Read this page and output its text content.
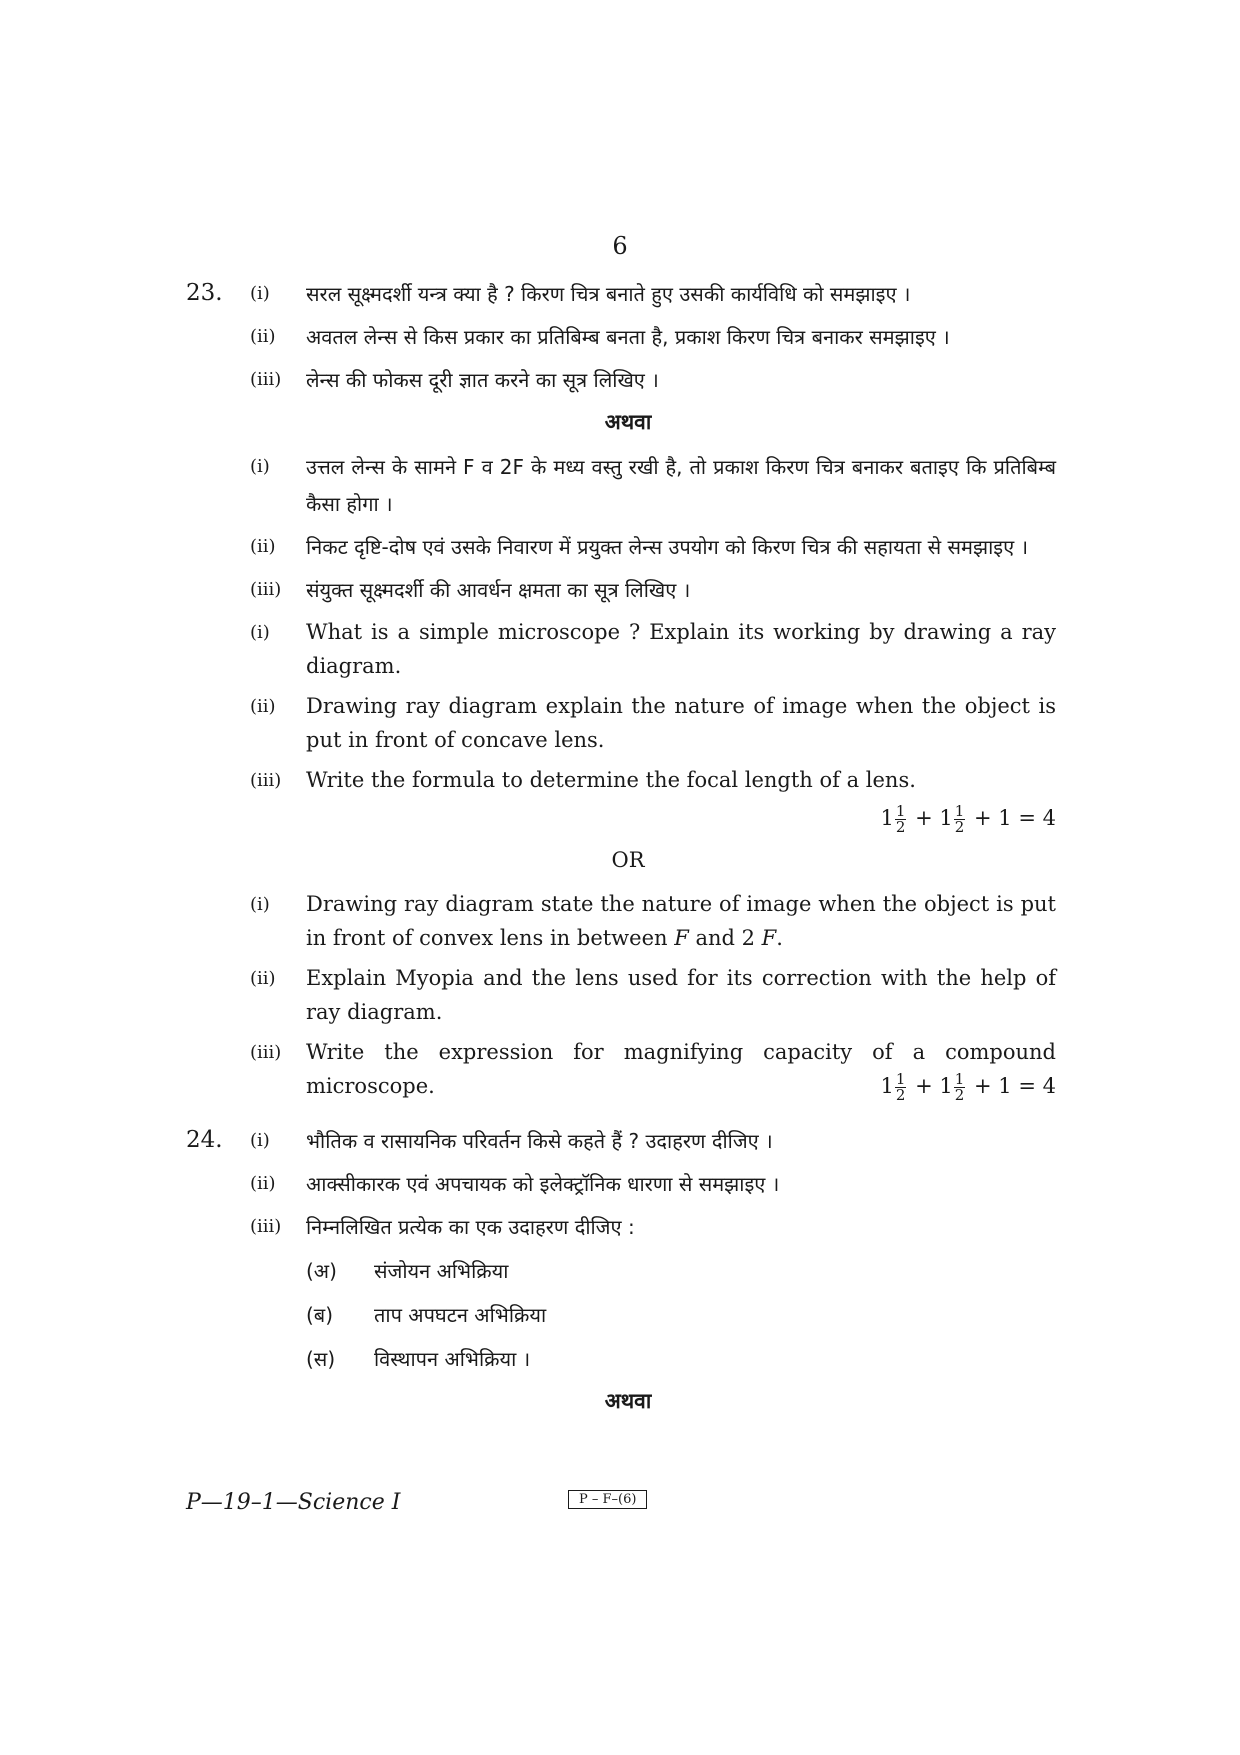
6
23.	(i)	सरल सूक्ष्मदर्शी यन्त्र क्या है ? किरण चित्र बनाते हुए उसकी कार्यविधि को समझाइए ।
(ii)	अवतल लेन्स से किस प्रकार का प्रतिबिम्ब बनता है, प्रकाश किरण चित्र बनाकर समझाइए ।
(iii)	लेन्स की फोकस दूरी ज्ञात करने का सूत्र लिखिए ।
अथवा
(i)	उत्तल लेन्स के सामने F व 2F के मध्य वस्तु रखी है, तो प्रकाश किरण चित्र बनाकर बताइए कि प्रतिबिम्ब कैसा होगा ।
(ii)	निकट दृष्टि-दोष एवं उसके निवारण में प्रयुक्त लेन्स उपयोग को किरण चित्र की सहायता से समझाइए ।
(iii)	संयुक्त सूक्ष्मदर्शी की आवर्धन क्षमता का सूत्र लिखिए ।
(i)	What is a simple microscope ? Explain its working by drawing a ray diagram.
(ii)	Drawing ray diagram explain the nature of image when the object is put in front of concave lens.
(iii)	Write the formula to determine the focal length of a lens.
$1 \frac{1}{2} + 1 \frac{1}{2} + 1 = 4$
OR
(i)	Drawing ray diagram state the nature of image when the object is put in front of convex lens in between F and 2 F.
(ii)	Explain Myopia and the lens used for its correction with the help of ray diagram.
(iii)	Write the expression for magnifying capacity of a compound microscope.	$1 \frac{1}{2} + 1 \frac{1}{2} + 1 = 4$
24.	(i)	भौतिक व रासायनिक परिवर्तन किसे कहते हैं ? उदाहरण दीजिए ।
(ii)	आक्सीकारक एवं अपचायक को इलेक्ट्रॉनिक धारणा से समझाइए ।
(iii)	निम्नलिखित प्रत्येक का एक उदाहरण दीजिए :
(अ)	संजोयन अभिक्रिया
(ब)	ताप अपघटन अभिक्रिया
(स)	विस्थापन अभिक्रिया ।
अथवा
P—19–1—Science I	P – F–(6)
